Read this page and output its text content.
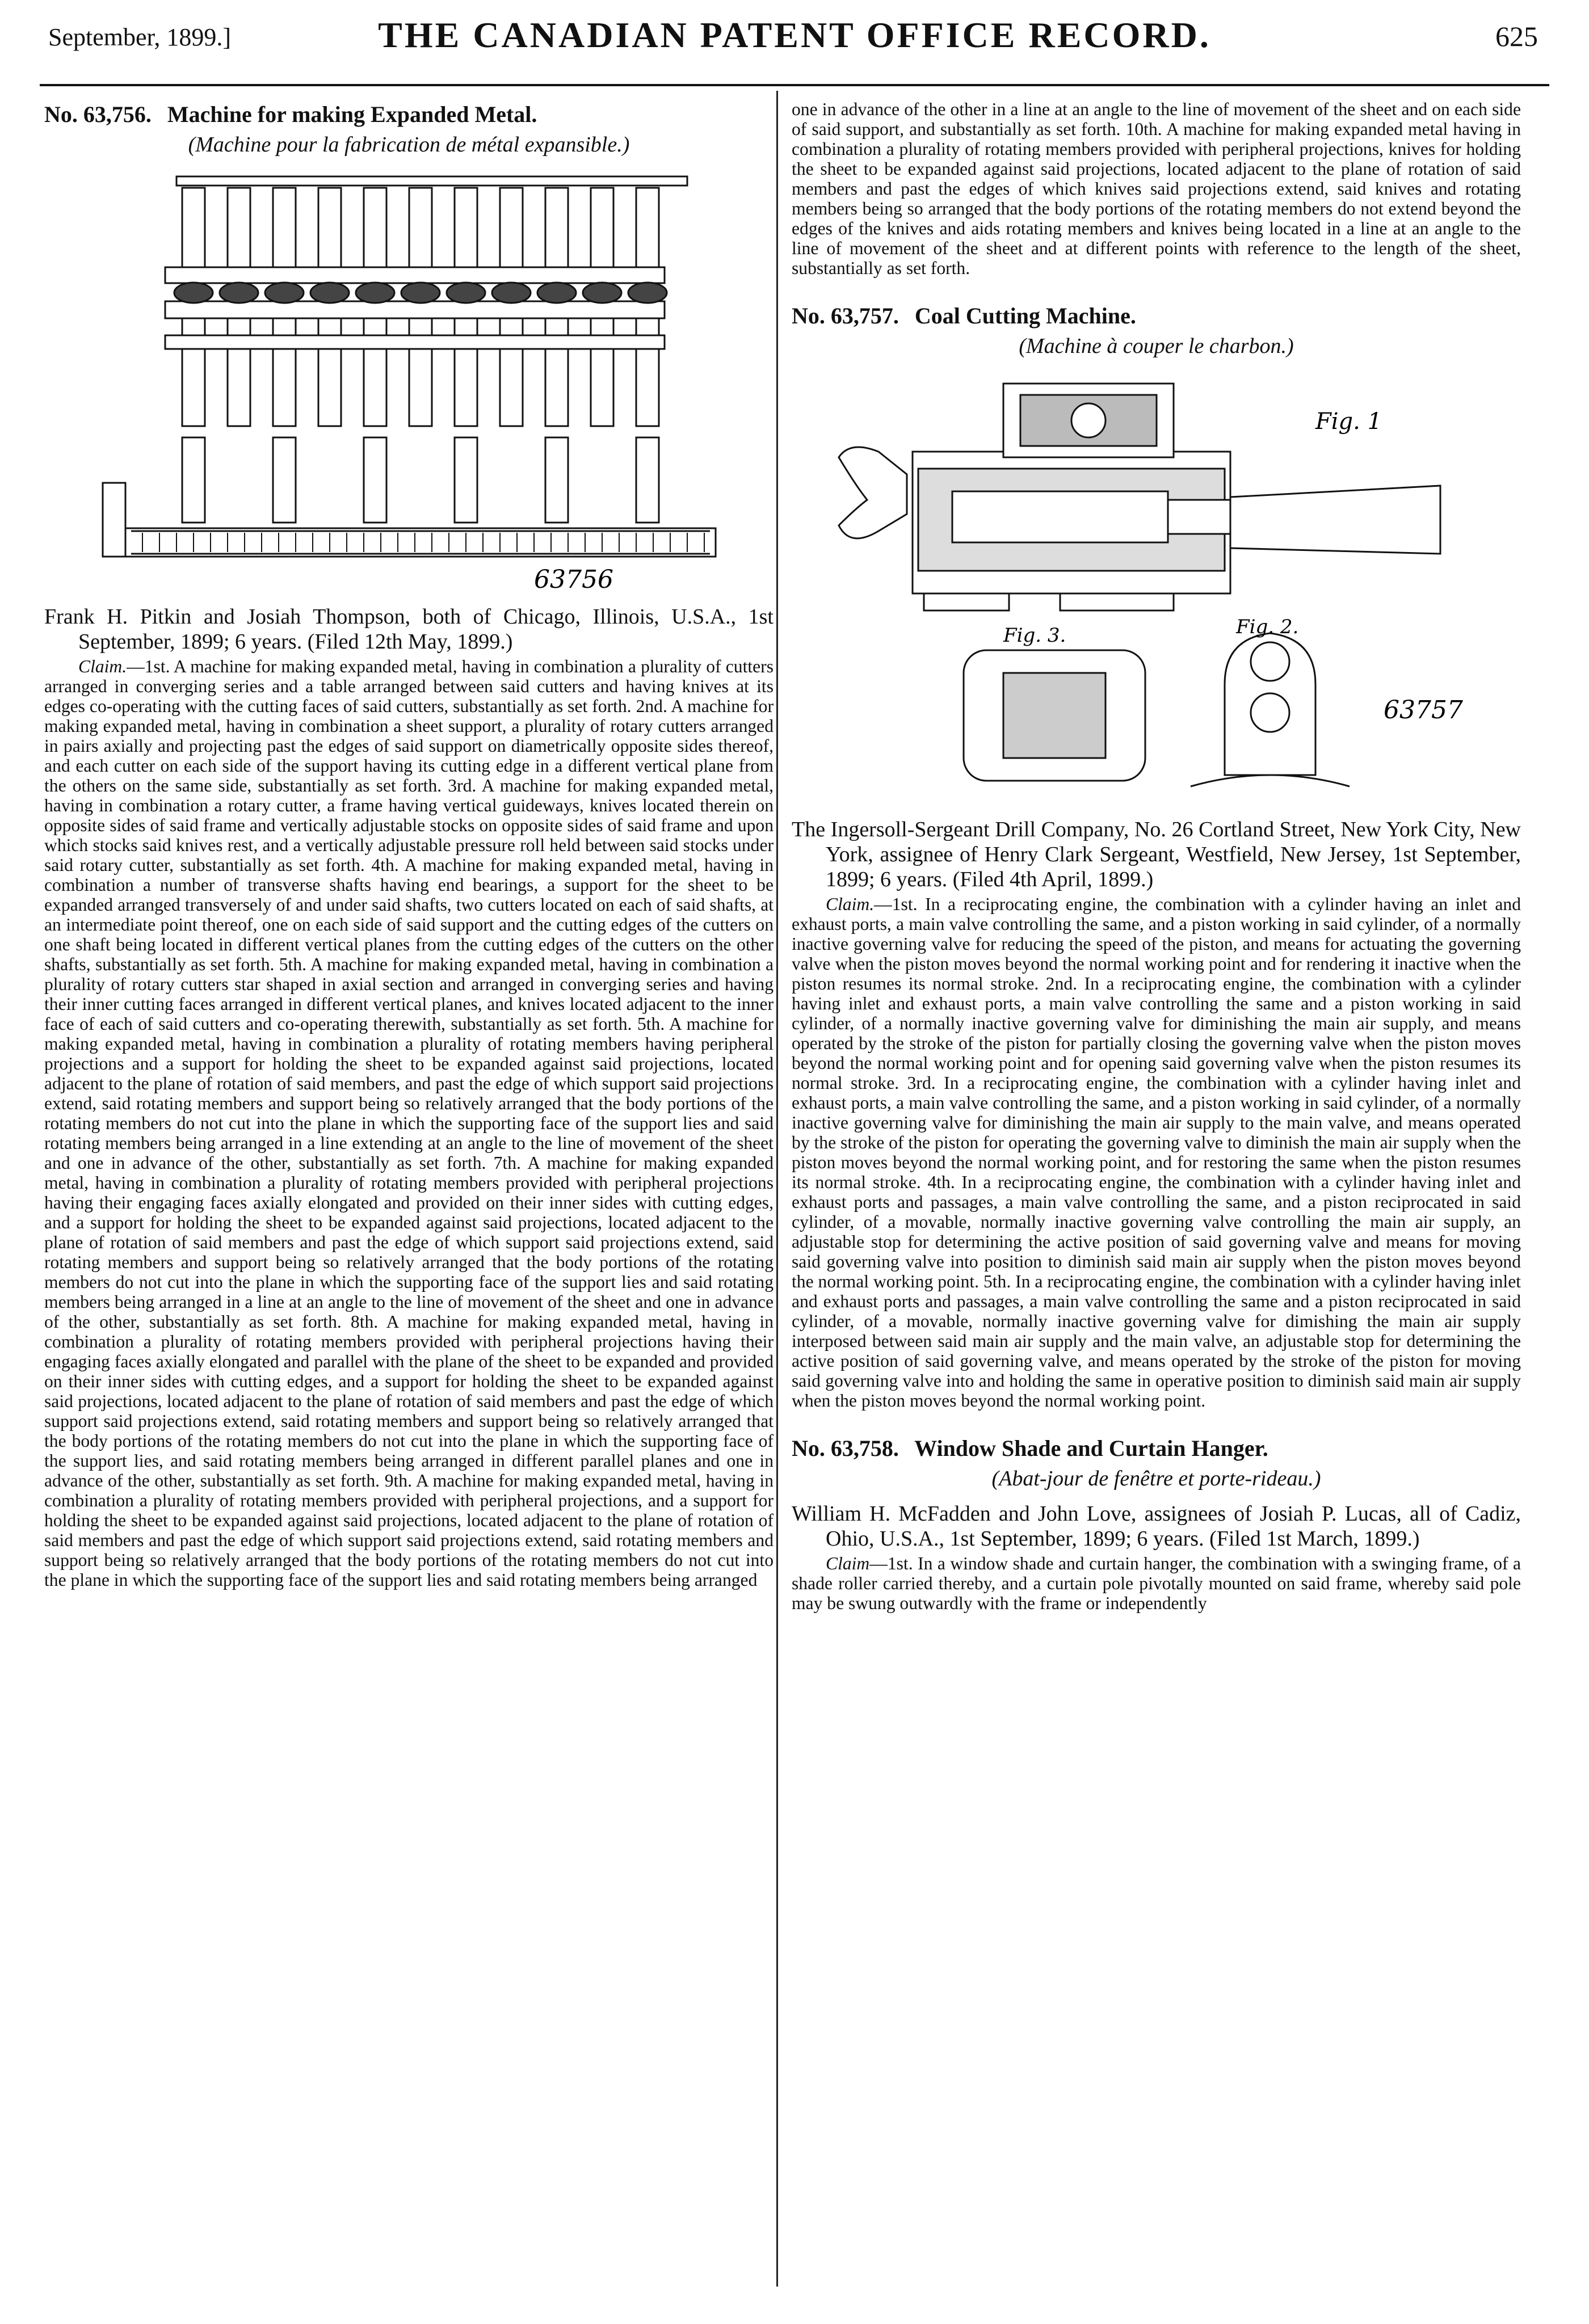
September, 1899.]	THE CANADIAN PATENT OFFICE RECORD.	625
No. 63,756. Machine for making Expanded Metal.

(Machine pour la fabrication de métal expansible.)

63756

Frank H. Pitkin and Josiah Thompson, both of Chicago, Illinois, U.S.A., 1st September, 1899; 6 years. (Filed 12th May, 1899.)

Claim.—1st. A machine for making expanded metal, having in combination a plurality of cutters arranged in converging series and a table arranged between said cutters and having knives at its edges co-operating with the cutting faces of said cutters, substantially as set forth. 2nd. A machine for making expanded metal, having in combination a sheet support, a plurality of rotary cutters arranged in pairs axially and projecting past the edges of said support on diametrically opposite sides thereof, and each cutter on each side of the support having its cutting edge in a different vertical plane from the others on the same side, substantially as set forth. 3rd. A machine for making expanded metal, having in combination a rotary cutter, a frame having vertical guideways, knives located therein on opposite sides of said frame and vertically adjustable stocks on opposite sides of said frame and upon which stocks said knives rest, and a vertically adjustable pressure roll held between said stocks under said rotary cutter, substantially as set forth. 4th. A machine for making expanded metal, having in combination a number of transverse shafts having end bearings, a support for the sheet to be expanded arranged transversely of and under said shafts, two cutters located on each of said shafts, at an intermediate point thereof, one on each side of said support and the cutting edges of the cutters on one shaft being located in different vertical planes from the cutting edges of the cutters on the other shafts, substantially as set forth. 5th. A machine for making expanded metal, having in combination a plurality of rotary cutters star shaped in axial section and arranged in converging series and having their inner cutting faces arranged in different vertical planes, and knives located adjacent to the inner face of each of said cutters and co-operating therewith, substantially as set forth. 5th. A machine for making expanded metal, having in combination a plurality of rotating members having peripheral projections and a support for holding the sheet to be expanded against said projections, located adjacent to the plane of rotation of said members, and past the edge of which support said projections extend, said rotating members and support being so relatively arranged that the body portions of the rotating members do not cut into the plane in which the supporting face of the support lies and said rotating members being arranged in a line extending at an angle to the line of movement of the sheet and one in advance of the other, substantially as set forth. 7th. A machine for making expanded metal, having in combination a plurality of rotating members provided with peripheral projections having their engaging faces axially elongated and provided on their inner sides with cutting edges, and a support for holding the sheet to be expanded against said projections, located adjacent to the plane of rotation of said members and past the edge of which support said projections extend, said rotating members and support being so relatively arranged that the body portions of the rotating members do not cut into the plane in which the supporting face of the support lies and said rotating members being arranged in a line at an angle to the line of movement of the sheet and one in advance of the other, substantially as set forth. 8th. A machine for making expanded metal, having in combination a plurality of rotating members provided with peripheral projections having their engaging faces axially elongated and parallel with the plane of the sheet to be expanded and provided on their inner sides with cutting edges, and a support for holding the sheet to be expanded against said projections, located adjacent to the plane of rotation of said members and past the edge of which support said projections extend, said rotating members and support being so relatively arranged that the body portions of the rotating members do not cut into the plane in which the supporting face of the support lies, and said rotating members being arranged in different parallel planes and one in advance of the other, substantially as set forth. 9th. A machine for making expanded metal, having in combination a plurality of rotating members provided with peripheral projections, and a support for holding the sheet to be expanded against said projections, located adjacent to the plane of rotation of said members and past the edge of which support said projections extend, said rotating members and support being so relatively arranged that the body portions of the rotating members do not cut into the plane in which the supporting face of the support lies and said rotating members being arranged

one in advance of the other in a line at an angle to the line of movement of the sheet and on each side of said support, and substantially as set forth. 10th. A machine for making expanded metal having in combination a plurality of rotating members provided with peripheral projections, knives for holding the sheet to be expanded against said projections, located adjacent to the plane of rotation of said members and past the edges of which knives said projections extend, said knives and rotating members being so arranged that the body portions of the rotating members do not extend beyond the edges of the knives and aids rotating members and knives being located in a line at an angle to the line of movement of the sheet and at different points with reference to the length of the sheet, substantially as set forth.

No. 63,757. Coal Cutting Machine.

(Machine à couper le charbon.)

Fig. 1
Fig. 3.	Fig. 2.
63757

The Ingersoll-Sergeant Drill Company, No. 26 Cortland Street, New York City, New York, assignee of Henry Clark Sergeant, Westfield, New Jersey, 1st September, 1899; 6 years. (Filed 4th April, 1899.)

Claim.—1st. In a reciprocating engine, the combination with a cylinder having an inlet and exhaust ports, a main valve controlling the same, and a piston working in said cylinder, of a normally inactive governing valve for reducing the speed of the piston, and means for actuating the governing valve when the piston moves beyond the normal working point and for rendering it inactive when the piston resumes its normal stroke. 2nd. In a reciprocating engine, the combination with a cylinder having inlet and exhaust ports, a main valve controlling the same and a piston working in said cylinder, of a normally inactive governing valve for diminishing the main air supply, and means operated by the stroke of the piston for partially closing the governing valve when the piston moves beyond the normal working point and for opening said governing valve when the piston resumes its normal stroke. 3rd. In a reciprocating engine, the combination with a cylinder having inlet and exhaust ports, a main valve controlling the same, and a piston working in said cylinder, of a normally inactive governing valve for diminishing the main air supply to the main valve, and means operated by the stroke of the piston for operating the governing valve to diminish the main air supply when the piston moves beyond the normal working point, and for restoring the same when the piston resumes its normal stroke. 4th. In a reciprocating engine, the combination with a cylinder having inlet and exhaust ports and passages, a main valve controlling the same, and a piston reciprocated in said cylinder, of a movable, normally inactive governing valve controlling the main air supply, an adjustable stop for determining the active position of said governing valve and means for moving said governing valve into position to diminish said main air supply when the piston moves beyond the normal working point. 5th. In a reciprocating engine, the combination with a cylinder having inlet and exhaust ports and passages, a main valve controlling the same and a piston reciprocated in said cylinder, of a movable, normally inactive governing valve for dimishing the main air supply interposed between said main air supply and the main valve, an adjustable stop for determining the active position of said governing valve, and means operated by the stroke of the piston for moving said governing valve into and holding the same in operative position to diminish said main air supply when the piston moves beyond the normal working point.

No. 63,758. Window Shade and Curtain Hanger.

(Abat-jour de fenêtre et porte-rideau.)

William H. McFadden and John Love, assignees of Josiah P. Lucas, all of Cadiz, Ohio, U.S.A., 1st September, 1899; 6 years. (Filed 1st March, 1899.)

Claim—1st. In a window shade and curtain hanger, the combination with a swinging frame, of a shade roller carried thereby, and a curtain pole pivotally mounted on said frame, whereby said pole may be swung outwardly with the frame or independently
